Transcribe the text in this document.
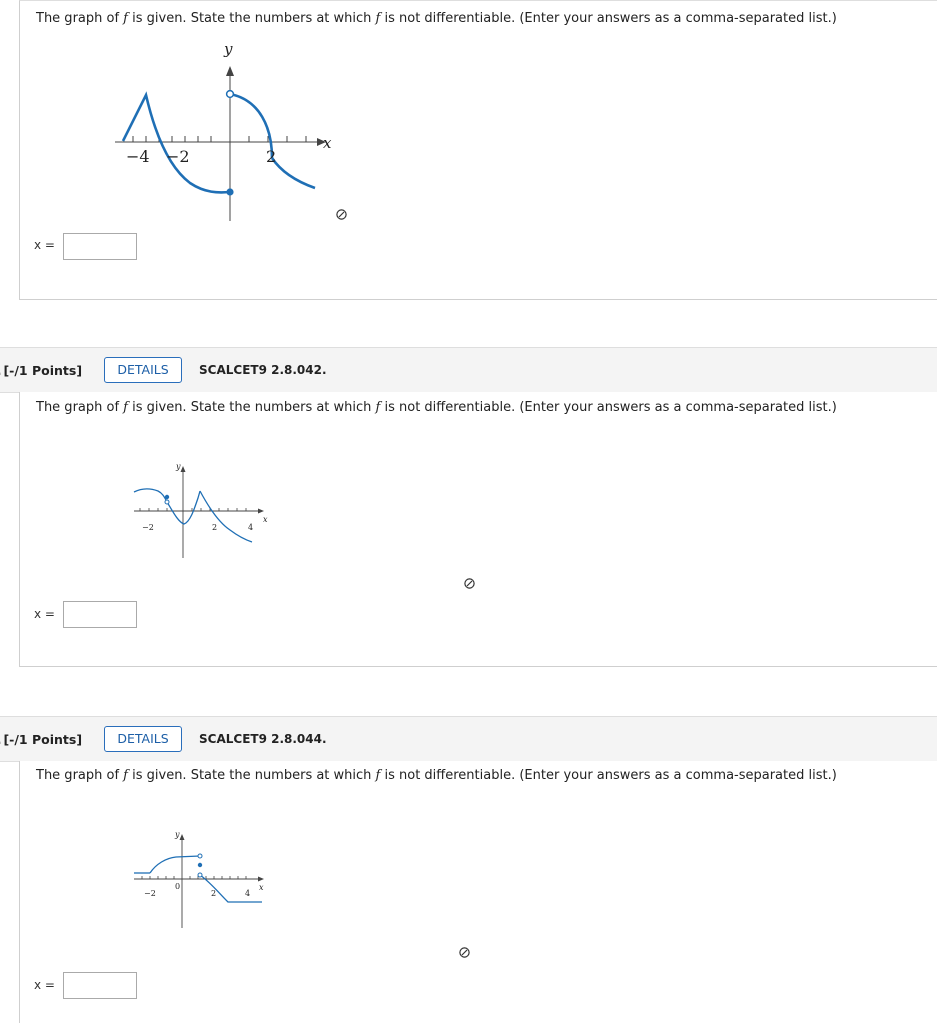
The graph of f is given. State the numbers at which f is not differentiable. (Enter your answers as a comma-separated list.)
y
x
−4 −2	2
x =
[-/1 Points]	DETAILS	SCALCET9 2.8.042.
The graph of f is given. State the numbers at which f is not differentiable. (Enter your answers as a comma-separated list.)
y
x
−2	2	4
x =
[-/1 Points]	DETAILS	SCALCET9 2.8.044.
The graph of f is given. State the numbers at which f is not differentiable. (Enter your answers as a comma-separated list.)
y
x
−2
0
2	4
x =
